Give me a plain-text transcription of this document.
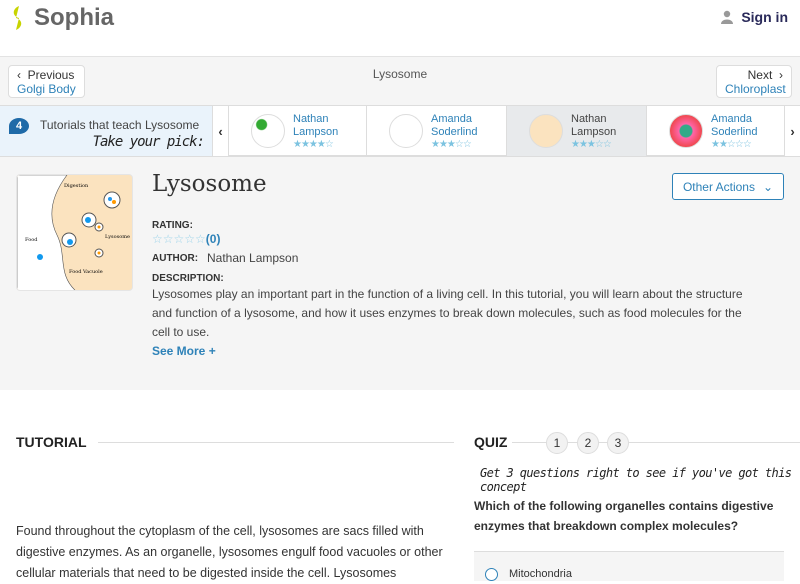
Sophia	Sign in
‹  Previous
Golgi Body
Lysosome	Next  ›
Chloroplast
4	Tutorials that teach Lysosome
Take your pick:
‹
Nathan
Lampson
★★★★☆
Amanda
Soderlind
★★★☆☆
Nathan
Lampson
★★★☆☆
Amanda
Soderlind
★★☆☆☆
›
Digestion
Food	Lysosome
Food Vacuole
Lysosome	Other Actions ⌄
RATING:
☆☆☆☆☆(0)
AUTHOR: Nathan Lampson
DESCRIPTION:
Lysosomes play an important part in the function of a living cell. In this tutorial, you will learn about the structure and function of a lysosome, and how it uses enzymes to break down molecules, such as food molecules for the cell to use.
See More +
TUTORIAL
Found throughout the cytoplasm of the cell, lysosomes are sacs filled with digestive enzymes. As an organelle, lysosomes engulf food vacuoles or other cellular materials that need to be digested inside the cell. Lysosomes
QUIZ	1	2	3
Get 3 questions right to see if you've got this concept
Which of the following organelles contains digestive enzymes that breakdown complex molecules?
Mitochondria
